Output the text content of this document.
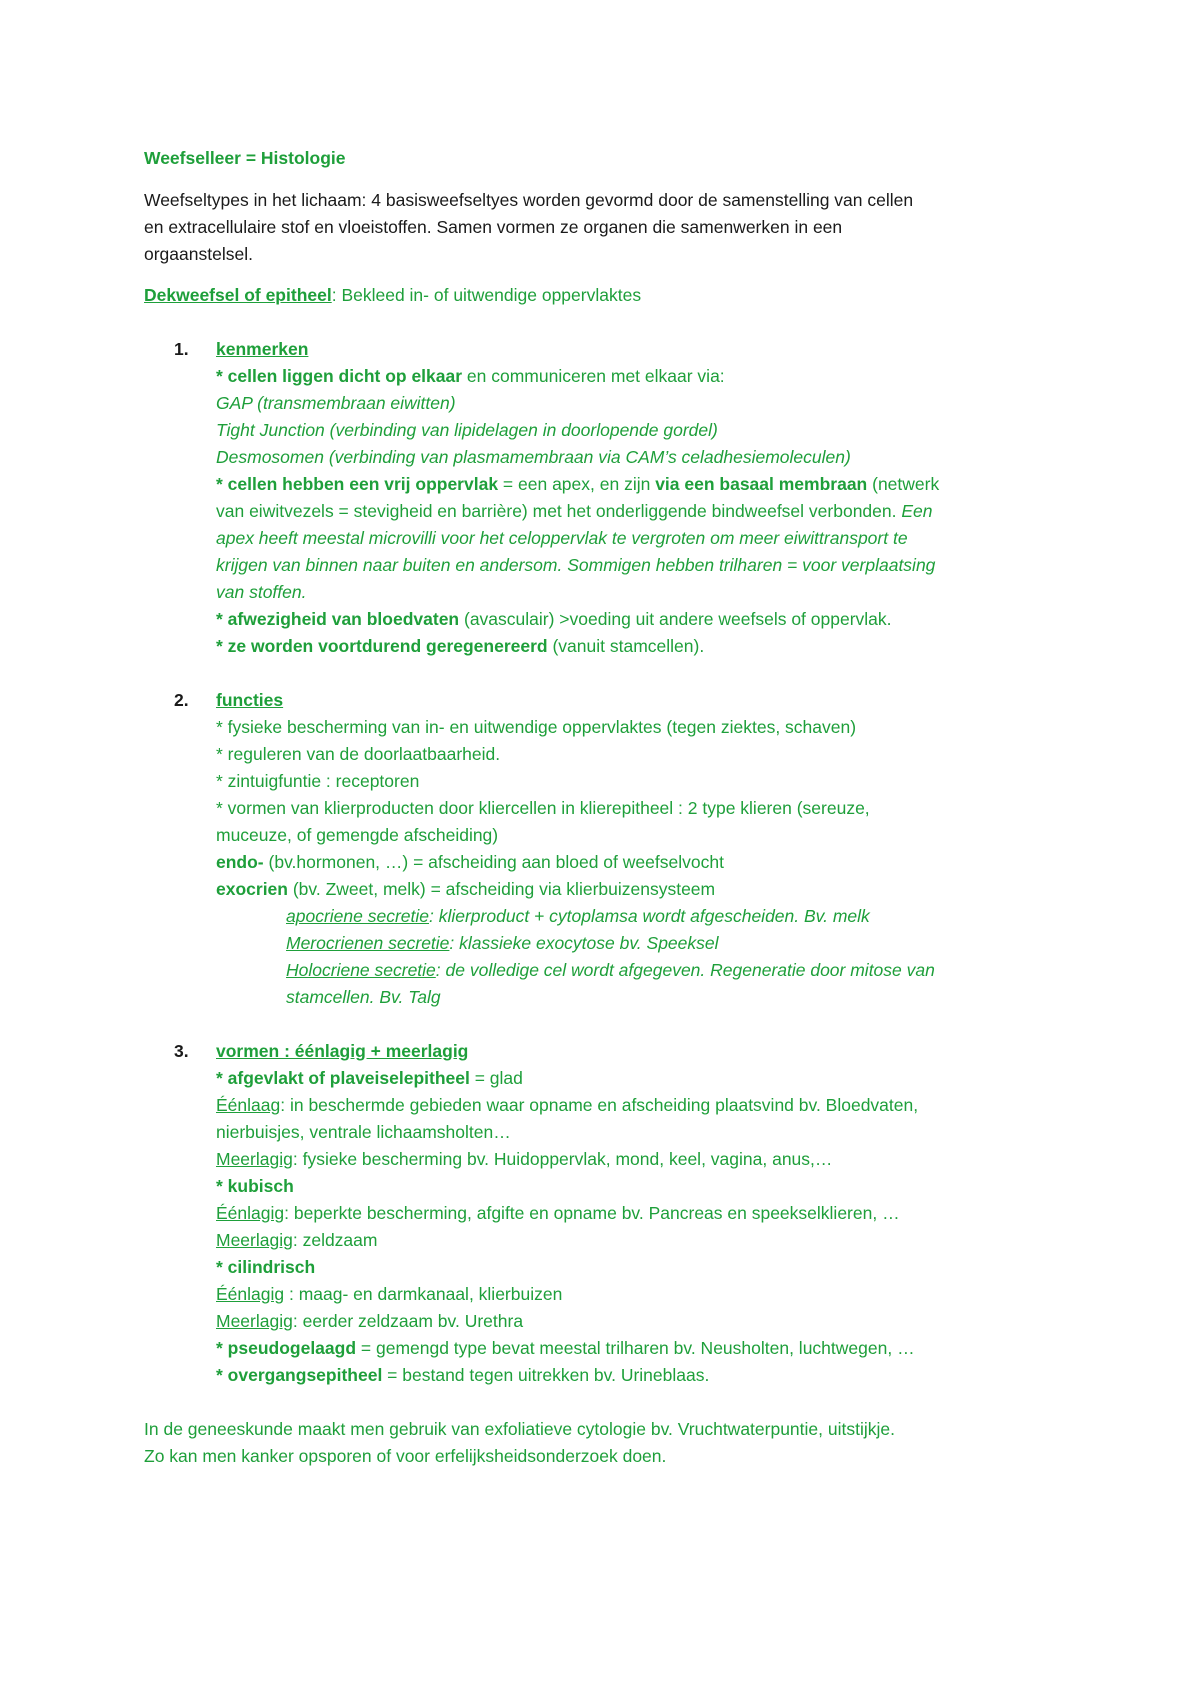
Weefselleer = Histologie
Weefseltypes in het lichaam: 4 basisweefseltyes worden gevormd door de samenstelling van cellen
en extracellulaire stof en vloeistoffen. Samen vormen ze organen die samenwerken in een
orgaanstelsel.
Dekweefsel of epitheel: Bekleed in- of uitwendige oppervlaktes
1. kenmerken
* cellen liggen dicht op elkaar en communiceren met elkaar via:
GAP (transmembraan eiwitten)
Tight Junction (verbinding van lipidelagen in doorlopende gordel)
Desmosomen (verbinding van plasmamembraan via CAM’s celadhesiemoleculen)
* cellen hebben een vrij oppervlak = een apex, en zijn via een basaal membraan (netwerk
van eiwitvezels = stevigheid en barrière) met het onderliggende bindweefsel verbonden. Een
apex heeft meestal microvilli voor het celoppervlak te vergroten om meer eiwittransport te
krijgen van binnen naar buiten en andersom. Sommigen hebben trilharen = voor verplaatsing
van stoffen.
* afwezigheid van bloedvaten (avasculair) >voeding uit andere weefsels of oppervlak.
* ze worden voortdurend geregenereerd (vanuit stamcellen).
2. functies
* fysieke bescherming van in- en uitwendige oppervlaktes (tegen ziektes, schaven)
* reguleren van de doorlaatbaarheid.
* zintuigfuntie : receptoren
* vormen van klierproducten door kliercellen in klierepitheel : 2 type klieren (sereuze,
muceuze, of gemengde afscheiding)
endo- (bv.hormonen, …) = afscheiding aan bloed of weefselvocht
exocrien (bv. Zweet, melk) = afscheiding via klierbuizensysteem
apocriene secretie: klierproduct + cytoplamsa wordt afgescheiden. Bv. melk
Merocrienen secretie: klassieke exocytose bv. Speeksel
Holocriene secretie: de volledige cel wordt afgegeven. Regeneratie door mitose van
stamcellen. Bv. Talg
3. vormen : éénlagig + meerlagig
* afgevlakt of plaveiselepitheel = glad
Éénlaag: in beschermde gebieden waar opname en afscheiding plaatsvind bv. Bloedvaten,
nierbuisjes, ventrale lichaamsholten…
Meerlagig: fysieke bescherming bv. Huidoppervlak, mond, keel, vagina, anus,…
* kubisch
Éénlagig: beperkte bescherming, afgifte en opname bv. Pancreas en speekselklieren, …
Meerlagig: zeldzaam
* cilindrisch
Éénlagig : maag- en darmkanaal, klierbuizen
Meerlagig: eerder zeldzaam bv. Urethra
* pseudogelaagd = gemengd type bevat meestal trilharen bv. Neusholten, luchtwegen, …
* overgangsepitheel = bestand tegen uitrekken bv. Urineblaas.
In de geneeskunde maakt men gebruik van exfoliatieve cytologie bv. Vruchtwaterpuntie, uitstijkje.
Zo kan men kanker opsporen of voor erfelijksheidsonderzoek doen.
